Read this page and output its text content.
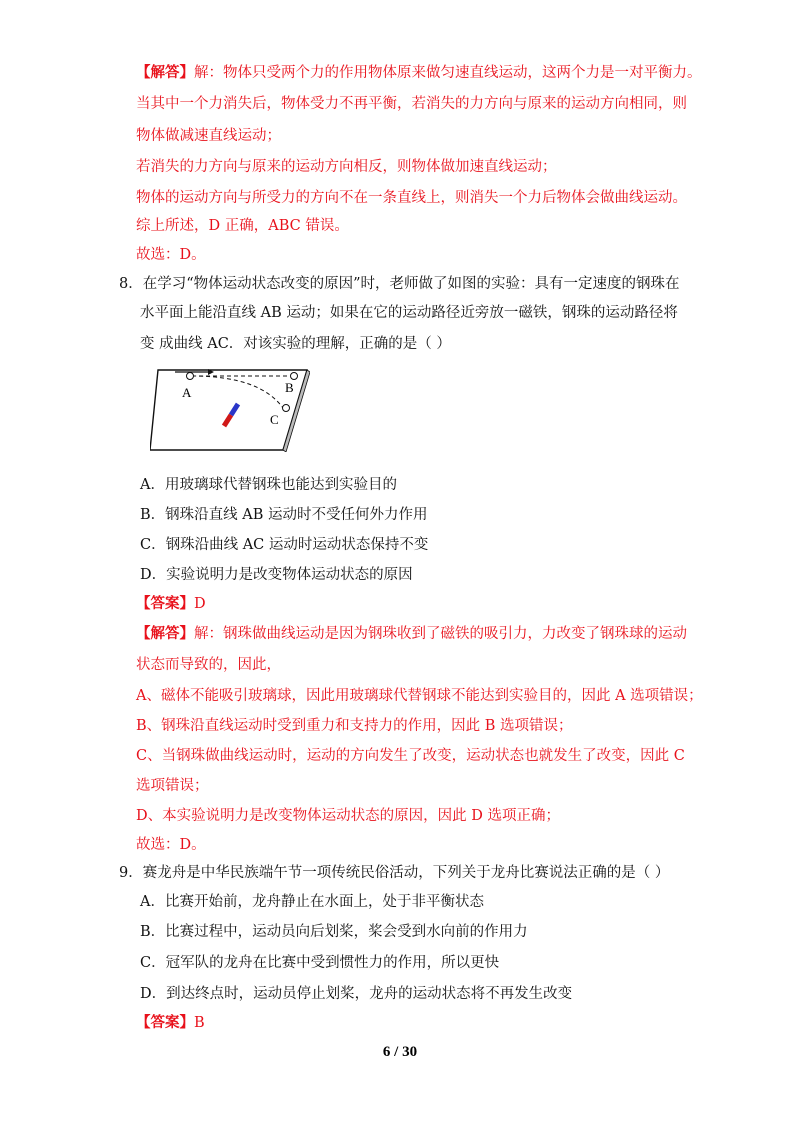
【解答】解：物体只受两个力的作用物体原来做匀速直线运动，这两个力是一对平衡力。
当其中一个力消失后，物体受力不再平衡，若消失的力方向与原来的运动方向相同，则
物体做减速直线运动；
若消失的力方向与原来的运动方向相反，则物体做加速直线运动；
物体的运动方向与所受力的方向不在一条直线上，则消失一个力后物体会做曲线运动。
综上所述，D 正确，ABC 错误。
故选：D。
8．在学习“物体运动状态改变的原因”时，老师做了如图的实验：具有一定速度的钢珠在
水平面上能沿直线 AB 运动；如果在它的运动路径近旁放一磁铁，钢珠的运动路径将
变 成曲线 AC．对该实验的理解，正确的是（ ）
A	B
C
A．用玻璃球代替钢珠也能达到实验目的
B．钢珠沿直线 AB 运动时不受任何外力作用
C．钢珠沿曲线 AC 运动时运动状态保持不变
D．实验说明力是改变物体运动状态的原因
【答案】D
【解答】解：钢珠做曲线运动是因为钢珠收到了磁铁的吸引力，力改变了钢珠球的运动
状态而导致的，因此，
A、磁体不能吸引玻璃球，因此用玻璃球代替钢球不能达到实验目的，因此 A 选项错误；
B、钢珠沿直线运动时受到重力和支持力的作用，因此 B 选项错误；
C、当钢珠做曲线运动时，运动的方向发生了改变，运动状态也就发生了改变，因此 C
选项错误；
D、本实验说明力是改变物体运动状态的原因，因此 D 选项正确；
故选：D。
9．赛龙舟是中华民族端午节一项传统民俗活动，下列关于龙舟比赛说法正确的是（ ）
A．比赛开始前，龙舟静止在水面上，处于非平衡状态
B．比赛过程中，运动员向后划桨，桨会受到水向前的作用力
C．冠军队的龙舟在比赛中受到惯性力的作用，所以更快
D．到达终点时，运动员停止划桨，龙舟的运动状态将不再发生改变
【答案】B
6 / 30
